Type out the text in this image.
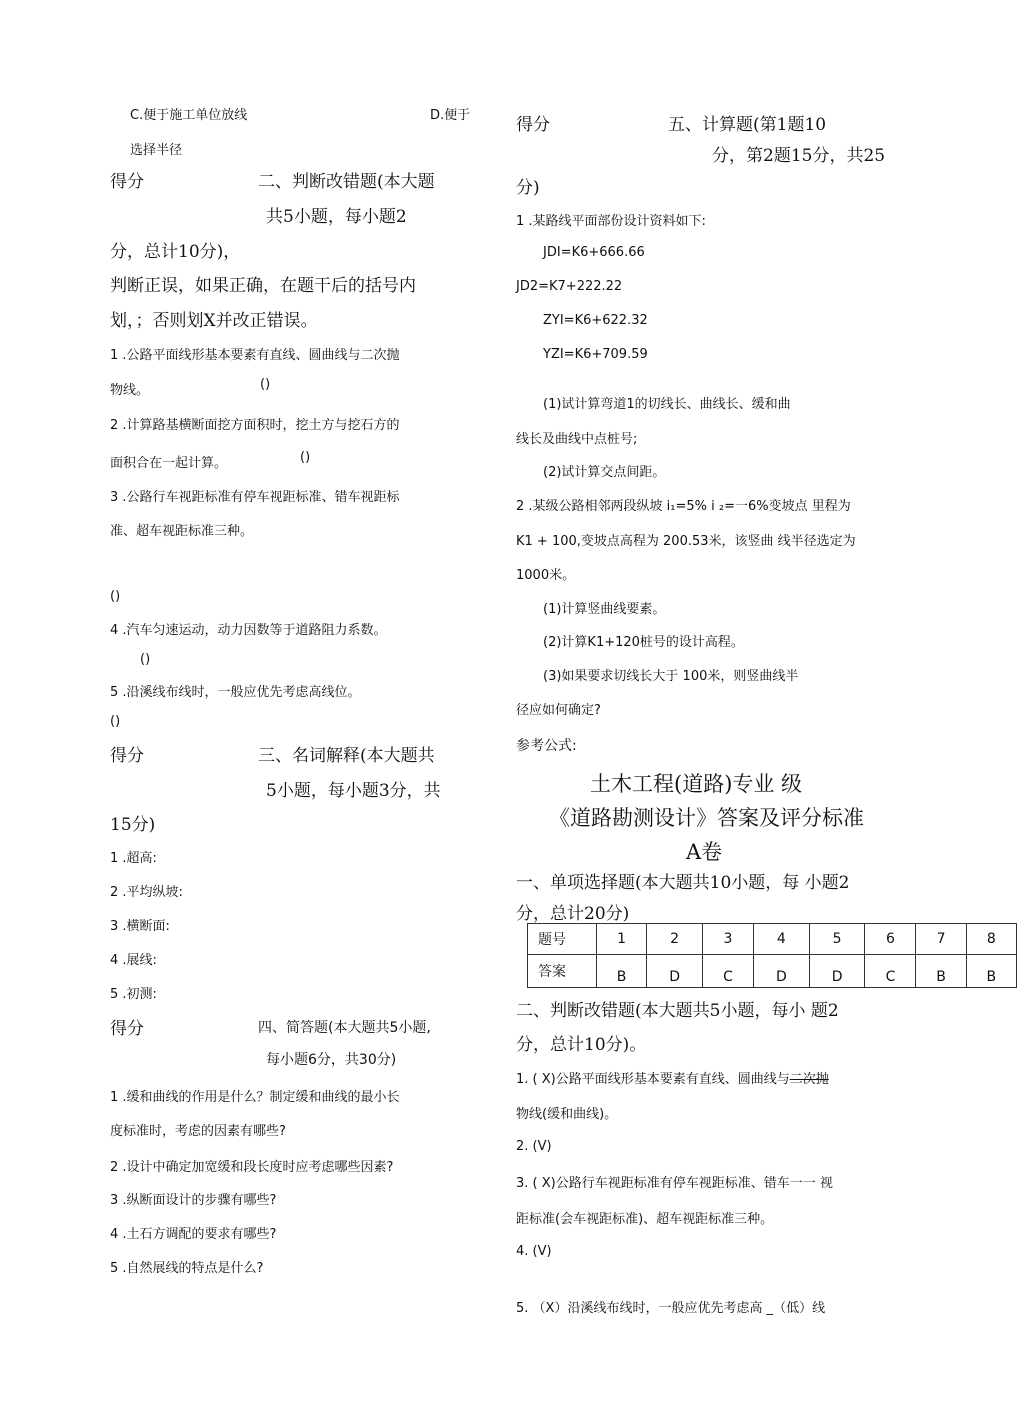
C.便于施工单位放线	D.便于
选择半径
得分	二、判断改错题(本大题
共5小题，每小题2
分，总计10分)，
判断正误，如果正确，在题干后的括号内
划，；否则划X并改正错误。
1 .公路平面线形基本要素有直线、圆曲线与二次抛
物线。	()
2 .计算路基横断面挖方面积时，挖土方与挖石方的
面积合在一起计算。	()
3 .公路行车视距标准有停车视距标准、错车视距标
准、超车视距标准三种。
()
4 .汽车匀速运动，动力因数等于道路阻力系数。
()
5 .沿溪线布线时，一般应优先考虑高线位。
()
得分	三、名词解释(本大题共
5小题，每小题3分，共
15分)
1 .超高:
2 .平均纵坡:
3 .横断面:
4 .展线:
5 .初测:
得分	四、简答题(本大题共5小题,
每小题6分，共30分)
1 .缓和曲线的作用是什么？制定缓和曲线的最小长
度标准时，考虑的因素有哪些?
2 .设计中确定加宽缓和段长度时应考虑哪些因素?
3 .纵断面设计的步骤有哪些?
4 .土石方调配的要求有哪些?
5 .自然展线的特点是什么?
得分	五、计算题(第1题10
分，第2题15分，共25
分)
1 .某路线平面部份设计资料如下:
JDI=K6+666.66
JD2=K7+222.22
ZYI=K6+622.32
YZI=K6+709.59
(1)试计算弯道1的切线长、曲线长、缓和曲
线长及曲线中点桩号;
(2)试计算交点间距。
2 .某级公路相邻两段纵坡 i₁=5% i ₂=一6%变坡点 里程为
K1 + 100,变坡点高程为 200.53米，该竖曲 线半径选定为
1000米。
(1)计算竖曲线要素。
(2)计算K1+120桩号的设计高程。
(3)如果要求切线长大于 100米，则竖曲线半
径应如何确定?
参考公式:
土木工程(道路)专业 级
《道路勘测设计》答案及评分标准
A卷
一、单项选择题(本大题共10小题，每 小题2
分，总计20分)
题号	1	2	3	4	5	6	7	8
答案	B	D	C	D	D	C	B	B
二、判断改错题(本大题共5小题，每小 题2
分，总计10分)。
1. ( X)公路平面线形基本要素有直线、圆曲线与二次抛
物线(缓和曲线)。
2. (V)
3. ( X)公路行车视距标准有停车视距标准、错车一一 视
距标准(会车视距标准)、超车视距标准三种。
4. (V)
5. （X）沿溪线布线时，一般应优先考虑高 _（低）线
